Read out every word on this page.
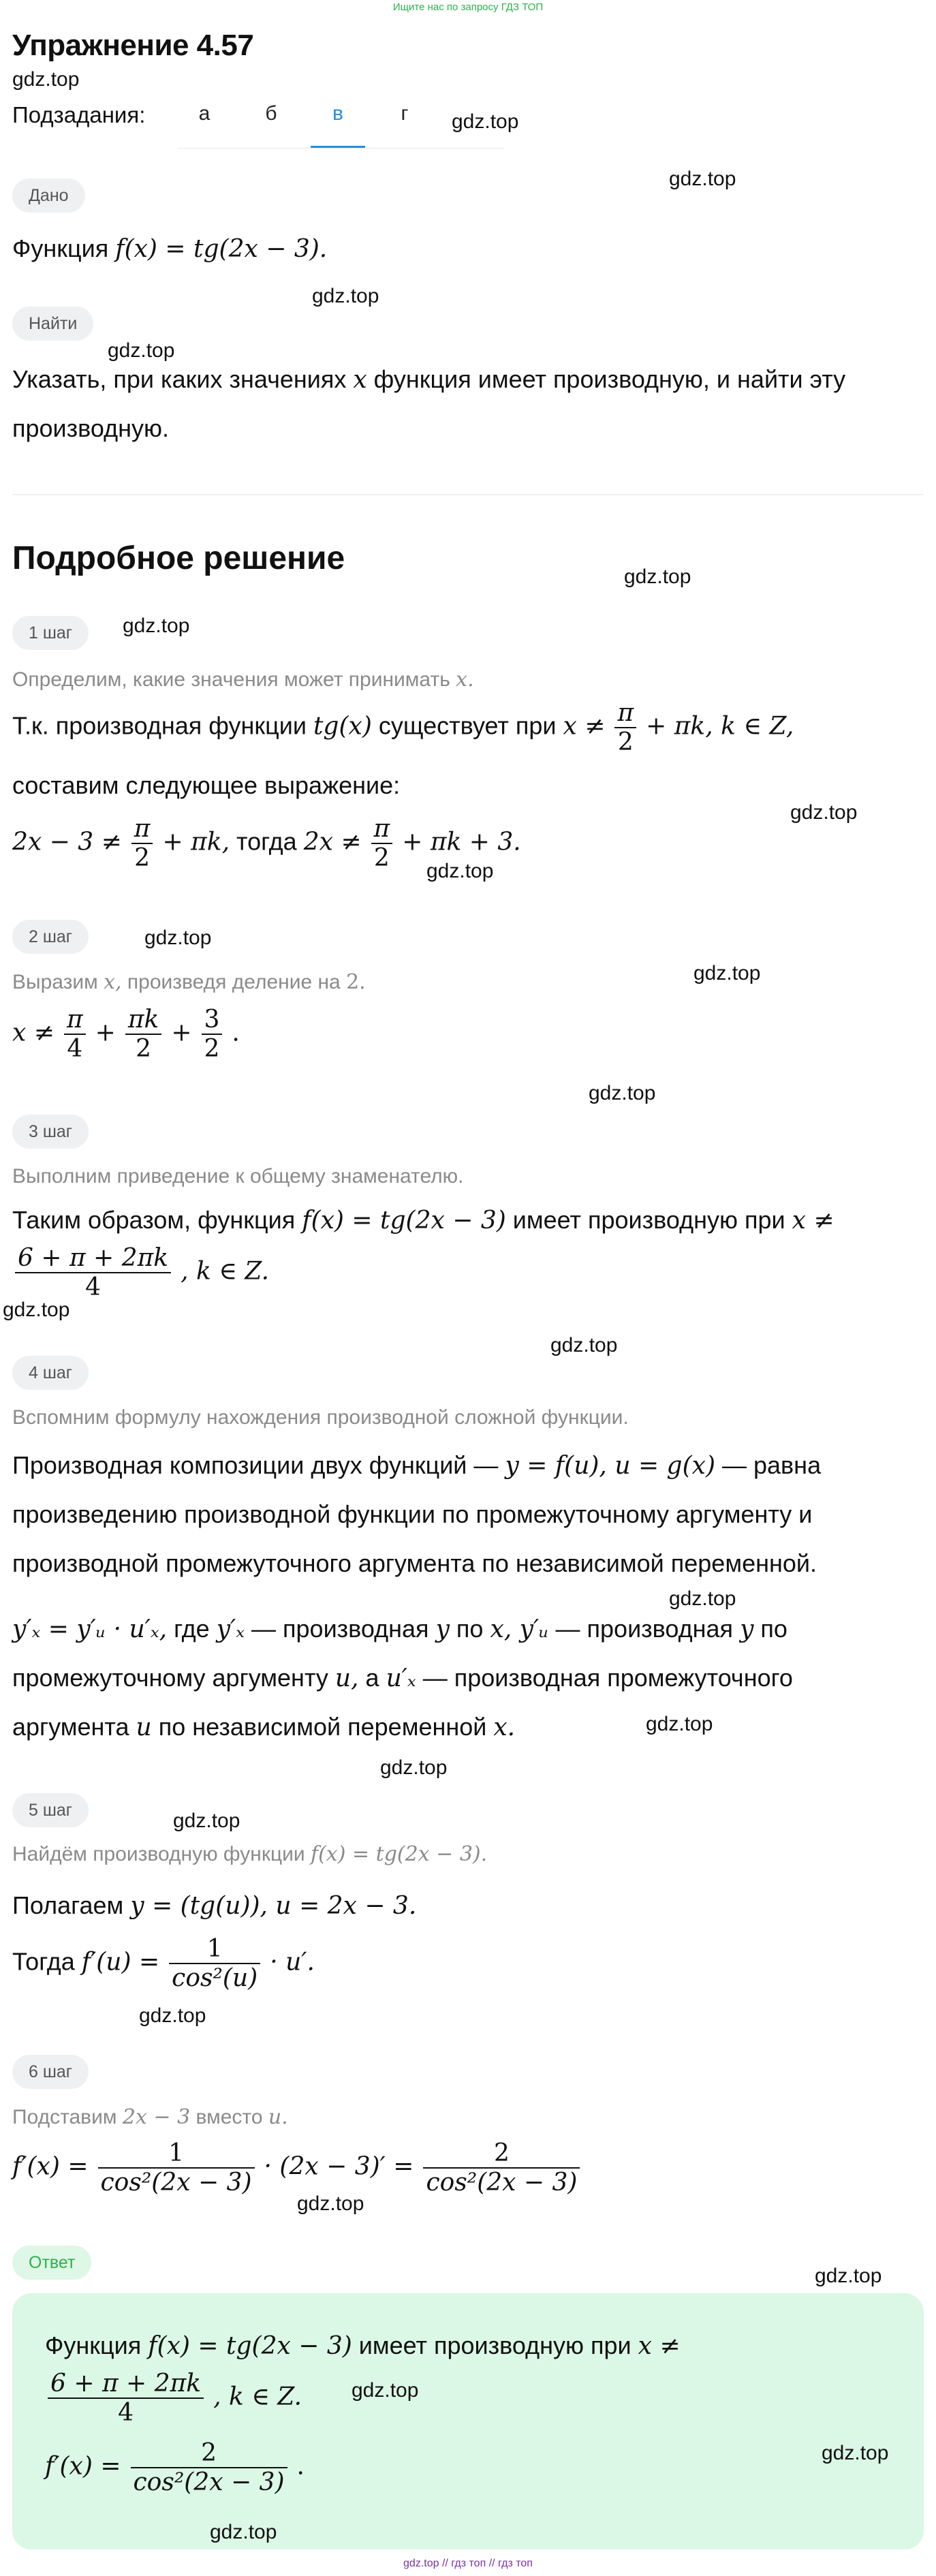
Ищите нас по запросу ГДЗ ТОП
Упражнение 4.57
gdz.top
Подзадания:	а	б	в	г	gdz.top
gdz.top
Дано
Функция f(x) = tg(2x − 3).
gdz.top
Найти
gdz.top
Указать, при каких значениях x функция имеет производную, и найти эту
производную.
Подробное решение
gdz.top
1 шаг	gdz.top
Определим, какие значения может принимать x.
Т.к. производная функции tg(x) существует при $x \ne \frac{\pi}{2} + \pi k$, k ∈ Z,
составим следующее выражение:
gdz.top
$2x - 3 \ne \frac{\pi}{2} + \pi k$, тогда $2x \ne \frac{\pi}{2} + \pi k + 3$.
gdz.top
2 шаг	gdz.top
gdz.top
Выразим x, произведя деление на 2.
$x \ne \frac{\pi}{4} + \frac{\pi k}{2} + \frac{3}{2}$ .
gdz.top
3 шаг
Выполним приведение к общему знаменателю.
Таким образом, функция f(x) = tg(2x − 3) имеет производную при x ≠
$\frac{6 + \pi + 2\pi k}{4}$ , k ∈ Z.
gdz.top
gdz.top
4 шаг
Вспомним формулу нахождения производной сложной функции.
Производная композиции двух функций — y = f(u), u = g(x) — равна
произведению производной функции по промежуточному аргументу и
производной промежуточного аргумента по независимой переменной.
gdz.top
y′ₓ = y′ᵤ · u′ₓ, где y′ₓ — производная y по x, y′ᵤ — производная y по
промежуточному аргументу u, а u′ₓ — производная промежуточного
аргумента u по независимой переменной x.	gdz.top
gdz.top
5 шаг	gdz.top
Найдём производную функции f(x) = tg(2x − 3).
Полагаем y = (tg(u)), u = 2x − 3.
Тогда $f'(u) = \frac{1}{\text{cos²(u)}} \cdot u'$.
gdz.top
6 шаг
Подставим 2x − 3 вместо u.
$f'(x) = \frac{1}{\text{cos²(2x − 3)}} \cdot (2x - 3)' = \frac{2}{\text{cos²(2x − 3)}}$
gdz.top
Ответ
gdz.top
Функция f(x) = tg(2x − 3) имеет производную при x ≠
$\frac{6 + \pi + 2\pi k}{4}$ , k ∈ Z. gdz.top
$f'(x) = \frac{2}{\text{cos²(2x − 3)}}$ .	gdz.top
gdz.top
gdz.top // гдз топ // гдз топ
